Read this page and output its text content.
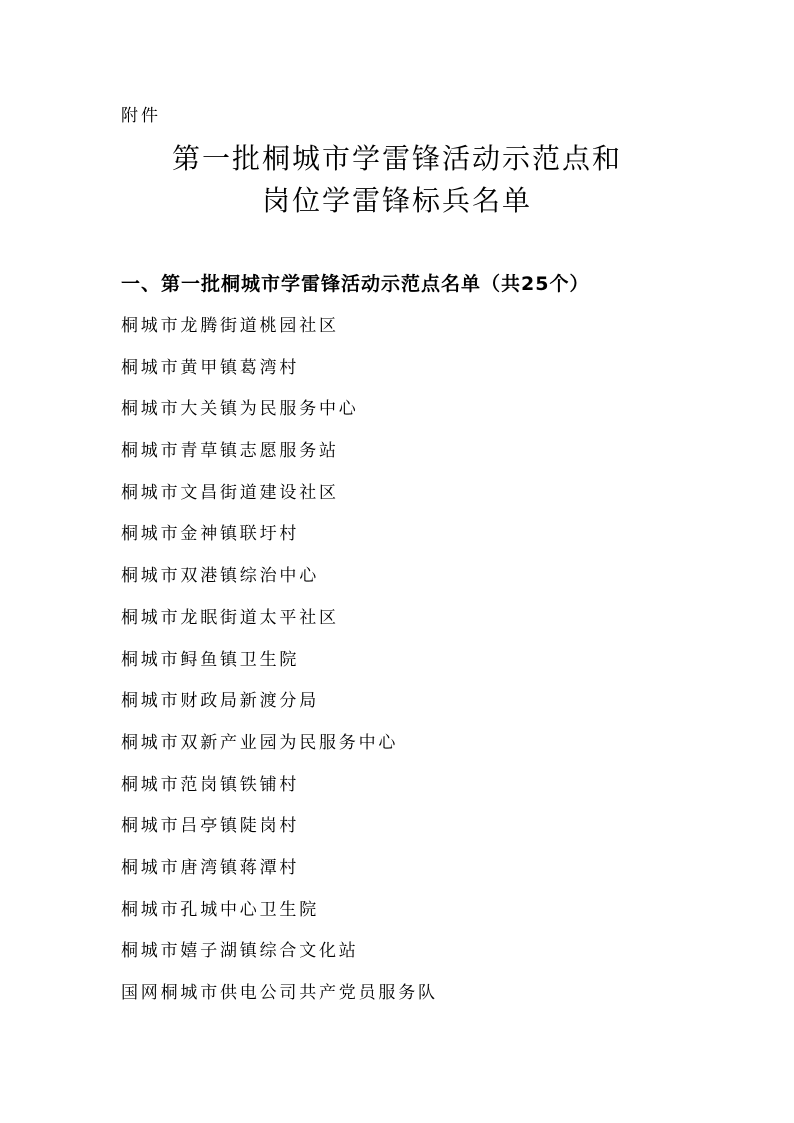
附件
第一批桐城市学雷锋活动示范点和
岗位学雷锋标兵名单
一、第一批桐城市学雷锋活动示范点名单（共25个）
桐城市龙腾街道桃园社区
桐城市黄甲镇葛湾村
桐城市大关镇为民服务中心
桐城市青草镇志愿服务站
桐城市文昌街道建设社区
桐城市金神镇联圩村
桐城市双港镇综治中心
桐城市龙眠街道太平社区
桐城市鲟鱼镇卫生院
桐城市财政局新渡分局
桐城市双新产业园为民服务中心
桐城市范岗镇铁铺村
桐城市吕亭镇陡岗村
桐城市唐湾镇蒋潭村
桐城市孔城中心卫生院
桐城市嬉子湖镇综合文化站
国网桐城市供电公司共产党员服务队
